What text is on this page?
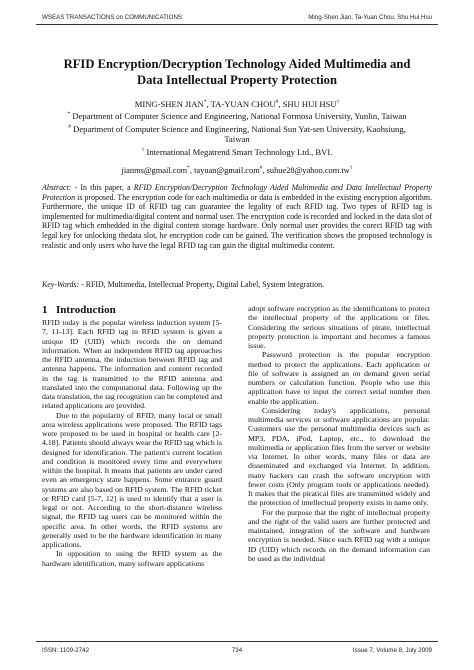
WSEAS TRANSACTIONS on COMMUNICATIONS	Ming-Shen Jian, Ta-Yuan Chou, Shu Hui Hsu
RFID Encryption/Decryption Technology Aided Multimedia and
Data Intellectual Property Protection
MING-SHEN JIAN*, TA-YUAN CHOU#, SHU HUI HSU†
* Department of Computer Science and Engineering, National Formosa University, Yunlin, Taiwan
# Department of Computer Science and Engineering, National Sun Yat-sen University, Kaohsiung,
Taiwan
† International Megatrend Smart Technology Ltd., BVI.
jianms@gmail.com*, tayuan@gmail.com#, suhue28@yahoo.com.tw†
Abstract: - In this paper, a RFID Encryption/Decryption Technology Aided Multimedia and Data Intellectual Property Protection is proposed. The encryption code for each multimedia or data is embedded in the existing encryption algorithm. Furthermore, the unique ID of RFID tag can guarantee the legality of each RFID tag. Two types of RFID tag is implemented for multimedia/digital content and normal user. The encryption code is recorded and locked in the data slot of RFID tag which embedded in the digital content storage hardware. Only normal user provides the corect RFID tag with legal key for unlocking thedata slot, he encryption code can be gained. The verification shows the proposed technology is realistic and only users who have the legal RFID tag can gain the digital multimedia content.
Key-Words: - RFID, Multimedia, Intellectual Property, Digital Label, System Integration.
1 Introduction

RFID today is the popular wireless induction system [5-7, 11-13]. Each RFID tag in RFID system is given a unique ID (UID) which records the on demand information. When an independent RFID tag approaches the RFID antenna, the induction between RFID tag and antenna happens. The information and content recorded in the tag is transmitted to the RFID antenna and translated into the computational data. Following up the data translation, the tag recognition can be completed and related applications are provided.

Due to the popularity of RFID, many local or small area wireless applications were proposed. The RFID tags were proposed to be used in hospital or health care [2-4,18]. Patients should always wear the RFID tag which is designed for identification. The patient's current location and condition is monitored every time and everywhere within the hospital. It means that patients are under cared even an emergency state happens. Some entrance guard systems are also based on RFID system. The RFID ticket or RFID card [5-7, 12] is used to identify that a user is legal or not. According to the short-distance wireless signal, the RFID tag users can be monitored within the specific area. In other words, the RFID systems are generally used to be the hardware identification in many applications.

In opposition to using the RFID system as the hardware identification, many software applications

adopt software encryption as the identifications to protect the intellectual property of the applications or files. Considering the serious situations of pirate, intellectual property protection is important and becomes a famous issue.

Password protection is the popular encryption method to protect the applications. Each application or file of software is assigned an on demand given serial numbers or calculation function. People who use this application have to input the correct serial number then enable the application.

Considering today's applications, personal multimedia services or software applications are popular. Customers use the personal multimedia devices such as MP3, PDA, iPod, Laptop, etc., to download the multimedia or application files from the server or website via Internet. In other words, many files or data are disseminated and exchanged via Internet. In addition, many hackers can crash the software encryption with fewer costs (Only program tools or applications needed). It makes that the piratical files are transmitted widely and the protection of intellectual property exists in name only.

For the purpose that the right of intellectual property and the right of the valid users are further protected and maintained, integration of the software and hardware encryption is needed. Since each RFID tag with a unique ID (UID) which records on the demand information can be used as the individual

ISSN: 1109-2742	734	Issue 7, Volume 8, July 2009
